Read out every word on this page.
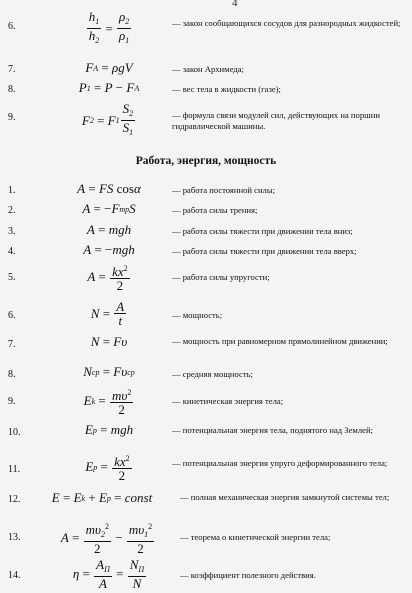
4
6.	$\frac{h_1}{h_2} = \frac{\rho_2}{\rho_1}$	— закон сообщающихся сосудов для разнородных жидкостей;
7.	F A = ρgV	— закон Архимеда;
8.	P 1 = P − F A	— вес тела в жидкости (газе);
9.	F 2 = F $1 \frac{S_2}{S_1}$	— формула связи модулей сил, действующих на поршни гидравлической машины.
Работа, энергия, мощность
1.	A = FS cos α	— работа постоянной силы;
2.	A = − F тр S	— работа силы трения;
3.	A = mgh	— работа силы тяжести при движении тела вниз;
4.	A = − mgh	— работа силы тяжести при движении тела вверх;
5.	$A = \frac{kx^2}{2}$	— работа силы упругости;
6.	$N = \frac{A}{t}$	— мощность;
7.	N = Fυ	— мощность при равномерном прямолинейном движении;
8.	N ср = Fυ ср	— средняя мощность;
9.	E $k = \frac{m\upsilon^2}{2}$	— кинетическая энергия тела;
10.	E p = mgh	— потенциальная энергия тела, поднятого над Землей;
11.	E $p = \frac{kx^2}{2}$	— потенциальная энергия упруго деформированного тела;
12. E = E k + E p = const	— полная механическая энергия замкнутой системы тел;
13.	$A = \frac{m\upsilon_2^2}{2} - \frac{m\upsilon_1^2}{2}$	— теорема о кинетической энергии тела;
14.	$\eta = \frac{A_П}{A} = \frac{N_П}{N}$	— коэффициент полезного действия.
